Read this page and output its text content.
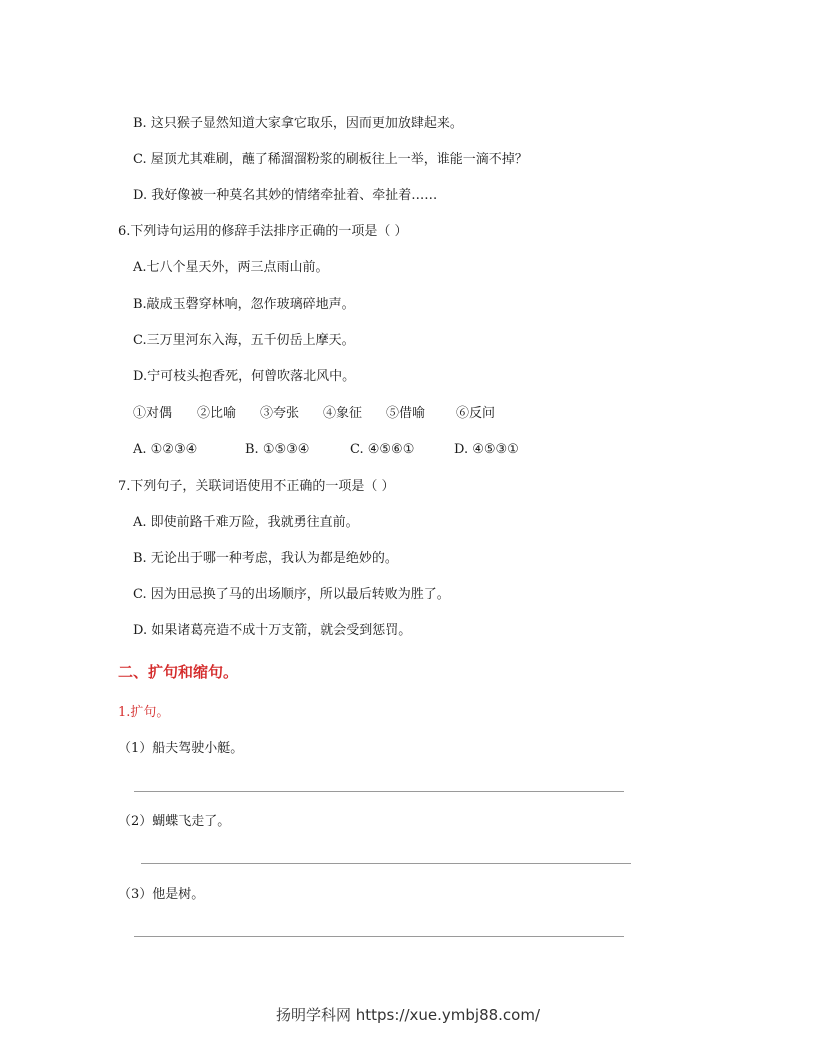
B. 这只猴子显然知道大家拿它取乐，因而更加放肆起来。
C. 屋顶尤其难刷，蘸了稀溜溜粉浆的刷板往上一举，谁能一滴不掉？
D. 我好像被一种莫名其妙的情绪牵扯着、牵扯着……
6.下列诗句运用的修辞手法排序正确的一项是（ ）
A.七八个星天外，两三点雨山前。
B.敲成玉磬穿林响，忽作玻璃碎地声。
C.三万里河东入海，五千仞岳上摩天。
D.宁可枝头抱香死，何曾吹落北风中。
①对偶 ②比喻 ③夸张 ④象征 ⑤借喻 ⑥反问
A. ①②③④	B. ①⑤③④	C. ④⑤⑥①	D. ④⑤③①
7.下列句子，关联词语使用不正确的一项是（ ）
A. 即使前路千难万险，我就勇往直前。
B. 无论出于哪一种考虑，我认为都是绝妙的。
C. 因为田忌换了马的出场顺序，所以最后转败为胜了。
D. 如果诸葛亮造不成十万支箭，就会受到惩罚。
二、扩句和缩句。
1.扩句。
（1）船夫驾驶小艇。
（2）蝴蝶飞走了。
（3）他是树。
扬明学科网 https://xue.ymbj88.com/
